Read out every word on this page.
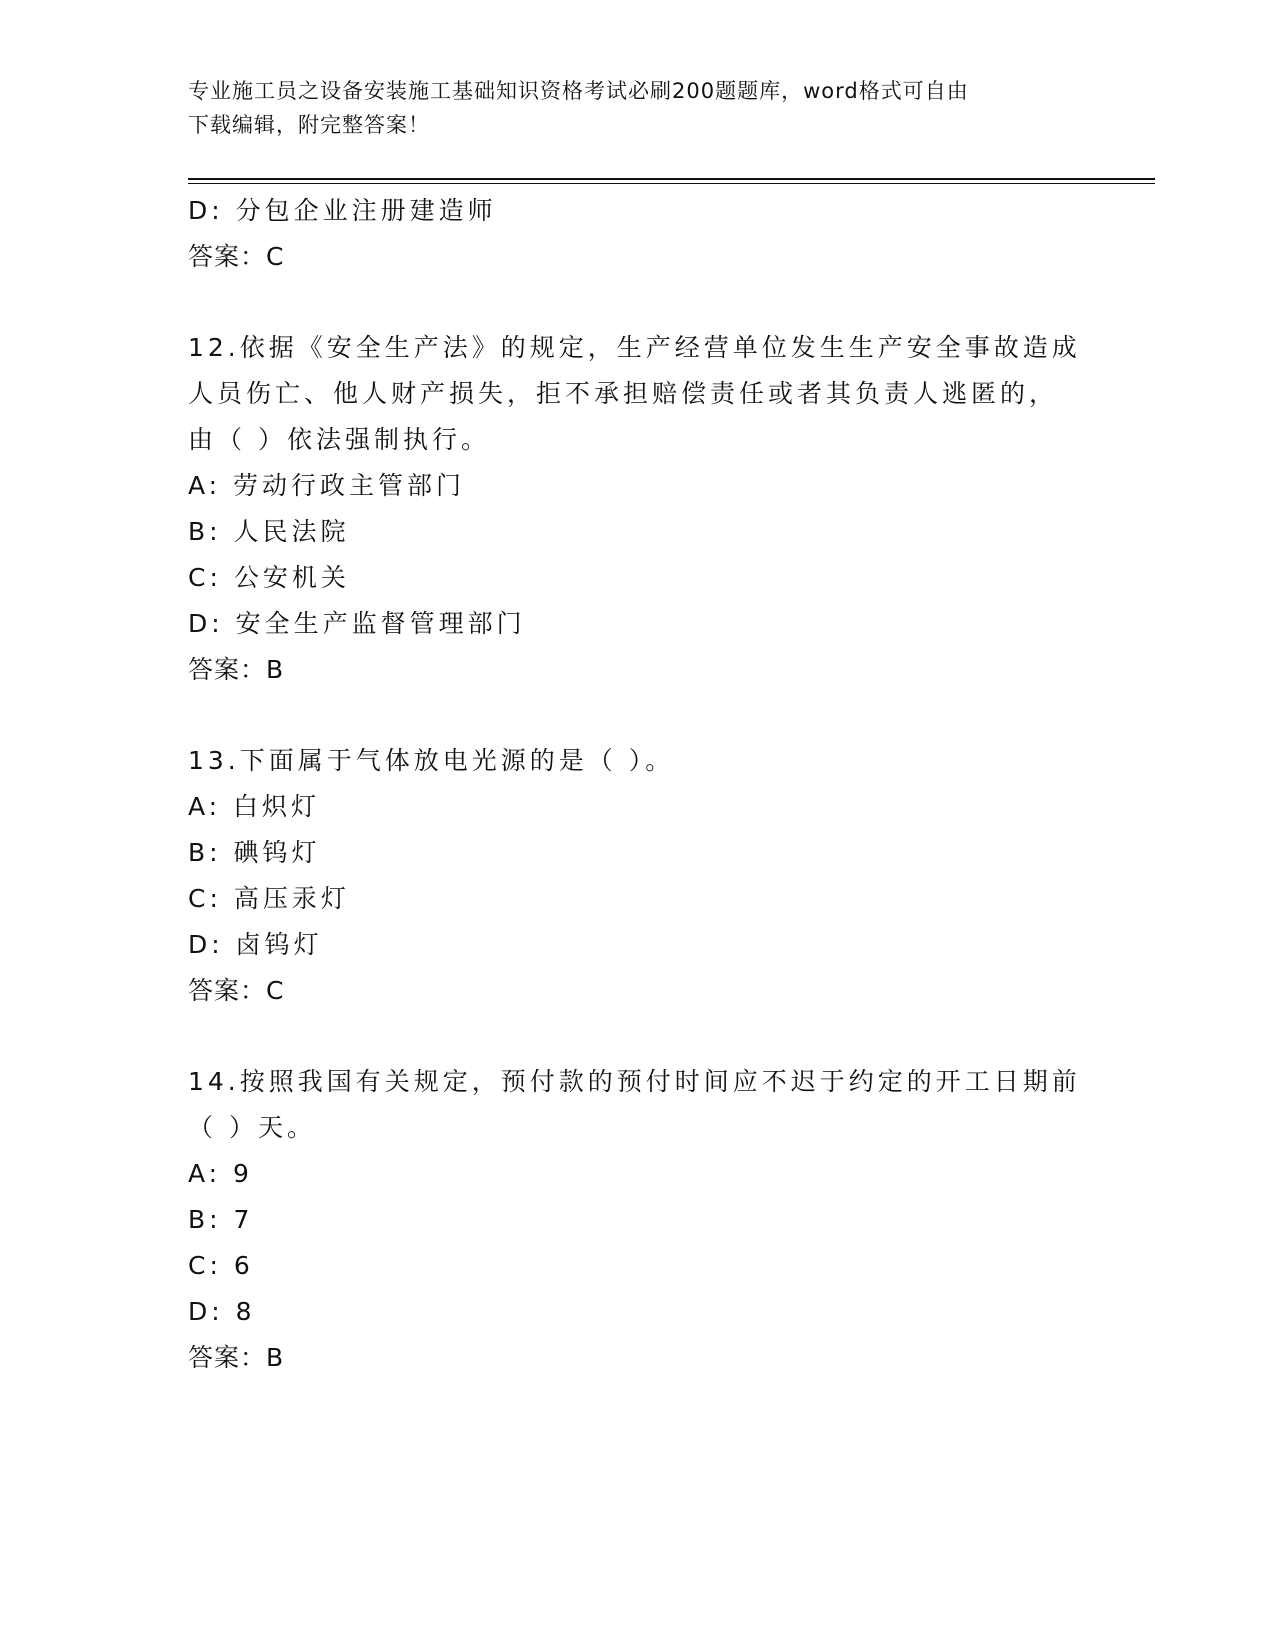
专业施工员之设备安装施工基础知识资格考试必刷200题题库，word格式可自由
下载编辑，附完整答案！
D: 分包企业注册建造师
答案：C
12.依据《安全生产法》的规定，生产经营单位发生生产安全事故造成
人员伤亡、他人财产损失，拒不承担赔偿责任或者其负责人逃匿的，
由（ ）依法强制执行。
A: 劳动行政主管部门
B: 人民法院
C: 公安机关
D: 安全生产监督管理部门
答案：B
13.下面属于气体放电光源的是（ ）。
A: 白炽灯
B: 碘钨灯
C: 高压汞灯
D: 卤钨灯
答案：C
14.按照我国有关规定，预付款的预付时间应不迟于约定的开工日期前
（ ）天。
A: 9
B: 7
C: 6
D: 8
答案：B
